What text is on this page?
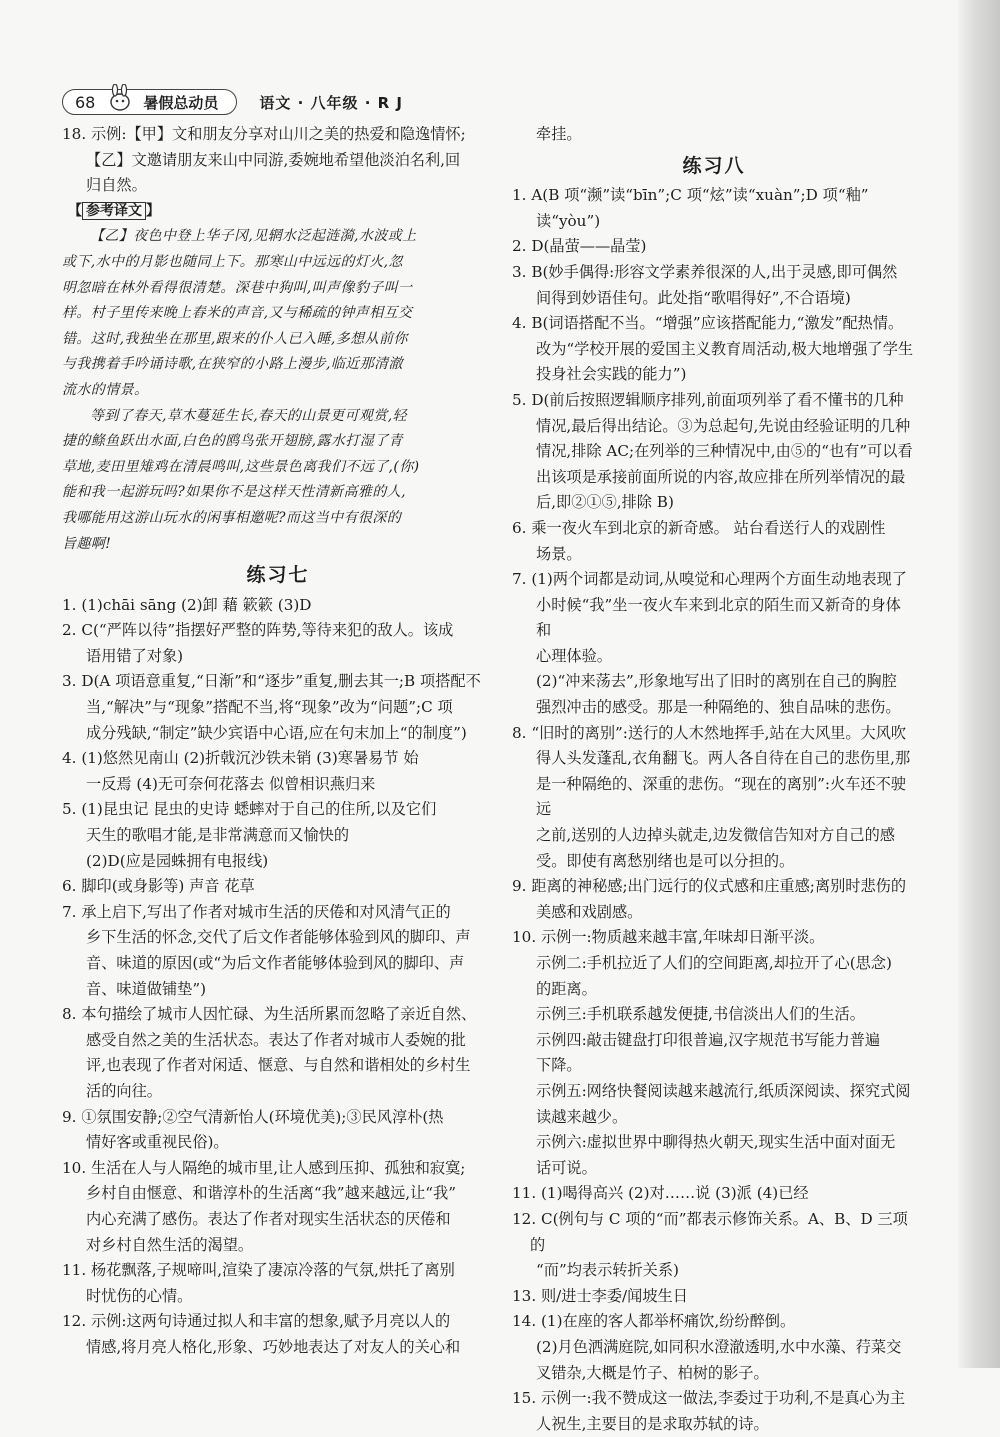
68	暑假总动员	语文 · 八年级 · R J

18. 示例:【甲】文和朋友分享对山川之美的热爱和隐逸情怀;

【乙】文邀请朋友来山中同游,委婉地希望他淡泊名利,回

归自然。

【 参考译文 】

【乙】夜色中登上华子冈,见辋水泛起涟漪,水波或上

或下,水中的月影也随同上下。那寒山中远远的灯火,忽

明忽暗在林外看得很清楚。深巷中狗叫,叫声像豹子叫一

样。村子里传来晚上舂米的声音,又与稀疏的钟声相互交

错。这时,我独坐在那里,跟来的仆人已入睡,多想从前你

与我携着手吟诵诗歌,在狭窄的小路上漫步,临近那清澈

流水的情景。

等到了春天,草木蔓延生长,春天的山景更可观赏,轻

捷的鲦鱼跃出水面,白色的鸥鸟张开翅膀,露水打湿了青

草地,麦田里雉鸡在清晨鸣叫,这些景色离我们不远了,(你)

能和我一起游玩吗?如果你不是这样天性清新高雅的人,

我哪能用这游山玩水的闲事相邀呢?而这当中有很深的

旨趣啊!

练习七

1. (1)chāi sāng (2)卸 藉 簌簌 (3)D

2. C(“严阵以待”指摆好严整的阵势,等待来犯的敌人。该成

语用错了对象)

3. D(A 项语意重复,“日渐”和“逐步”重复,删去其一;B 项搭配不

当,“解决”与“现象”搭配不当,将“现象”改为“问题”;C 项

成分残缺,“制定”缺少宾语中心语,应在句末加上“的制度”)

4. (1)悠然见南山 (2)折戟沉沙铁未销 (3)寒暑易节 始

一反焉 (4)无可奈何花落去 似曾相识燕归来

5. (1)昆虫记 昆虫的史诗 蟋蟀对于自己的住所,以及它们

天生的歌唱才能,是非常满意而又愉快的

(2)D(应是园蛛拥有电报线)

6. 脚印(或身影等) 声音 花草

7. 承上启下,写出了作者对城市生活的厌倦和对风清气正的

乡下生活的怀念,交代了后文作者能够体验到风的脚印、声

音、味道的原因(或“为后文作者能够体验到风的脚印、声

音、味道做铺垫”)

8. 本句描绘了城市人因忙碌、为生活所累而忽略了亲近自然、

感受自然之美的生活状态。表达了作者对城市人委婉的批

评,也表现了作者对闲适、惬意、与自然和谐相处的乡村生

活的向往。

9. ①氛围安静;②空气清新怡人(环境优美);③民风淳朴(热

情好客或重视民俗)。

10. 生活在人与人隔绝的城市里,让人感到压抑、孤独和寂寞;

乡村自由惬意、和谐淳朴的生活离“我”越来越远,让“我”

内心充满了感伤。表达了作者对现实生活状态的厌倦和

对乡村自然生活的渴望。

11. 杨花飘落,子规啼叫,渲染了凄凉冷落的气氛,烘托了离别

时忧伤的心情。

12. 示例:这两句诗通过拟人和丰富的想象,赋予月亮以人的

情感,将月亮人格化,形象、巧妙地表达了对友人的关心和

牵挂。

练习八

1. A(B 项“濒”读“bīn”;C 项“炫”读“xuàn”;D 项“釉”

读“yòu”)

2. D(晶萤——晶莹)

3. B(妙手偶得:形容文学素养很深的人,出于灵感,即可偶然

间得到妙语佳句。此处指“歌唱得好”,不合语境)

4. B(词语搭配不当。“增强”应该搭配能力,“激发”配热情。

改为“学校开展的爱国主义教育周活动,极大地增强了学生

投身社会实践的能力”)

5. D(前后按照逻辑顺序排列,前面项列举了看不懂书的几种

情况,最后得出结论。③为总起句,先说由经验证明的几种

情况,排除 AC;在列举的三种情况中,由⑤的“也有”可以看

出该项是承接前面所说的内容,故应排在所列举情况的最

后,即②①⑤,排除 B)

6. 乘一夜火车到北京的新奇感。 站台看送行人的戏剧性

场景。

7. (1)两个词都是动词,从嗅觉和心理两个方面生动地表现了

小时候“我”坐一夜火车来到北京的陌生而又新奇的身体和

心理体验。

(2)“冲来荡去”,形象地写出了旧时的离别在自己的胸腔

强烈冲击的感受。那是一种隔绝的、独自品味的悲伤。

8. “旧时的离别”:送行的人木然地挥手,站在大风里。大风吹

得人头发蓬乱,衣角翻飞。两人各自待在自己的悲伤里,那

是一种隔绝的、深重的悲伤。“现在的离别”:火车还不驶远

之前,送别的人边掉头就走,边发微信告知对方自己的感

受。即使有离愁别绪也是可以分担的。

9. 距离的神秘感;出门远行的仪式感和庄重感;离别时悲伤的

美感和戏剧感。

10. 示例一:物质越来越丰富,年味却日渐平淡。

示例二:手机拉近了人们的空间距离,却拉开了心(思念)

的距离。

示例三:手机联系越发便捷,书信淡出人们的生活。

示例四:敲击键盘打印很普遍,汉字规范书写能力普遍

下降。

示例五:网络快餐阅读越来越流行,纸质深阅读、探究式阅

读越来越少。

示例六:虚拟世界中聊得热火朝天,现实生活中面对面无

话可说。

11. (1)喝得高兴 (2)对……说 (3)派 (4)已经

12. C(例句与 C 项的“而”都表示修饰关系。A、B、D 三项的

“而”均表示转折关系)

13. 则/进士李委/闻坡生日

14. (1)在座的客人都举杯痛饮,纷纷醉倒。

(2)月色洒满庭院,如同积水澄澈透明,水中水藻、荇菜交

叉错杂,大概是竹子、柏树的影子。

15. 示例一:我不赞成这一做法,李委过于功利,不是真心为主

人祝生,主要目的是求取苏轼的诗。
